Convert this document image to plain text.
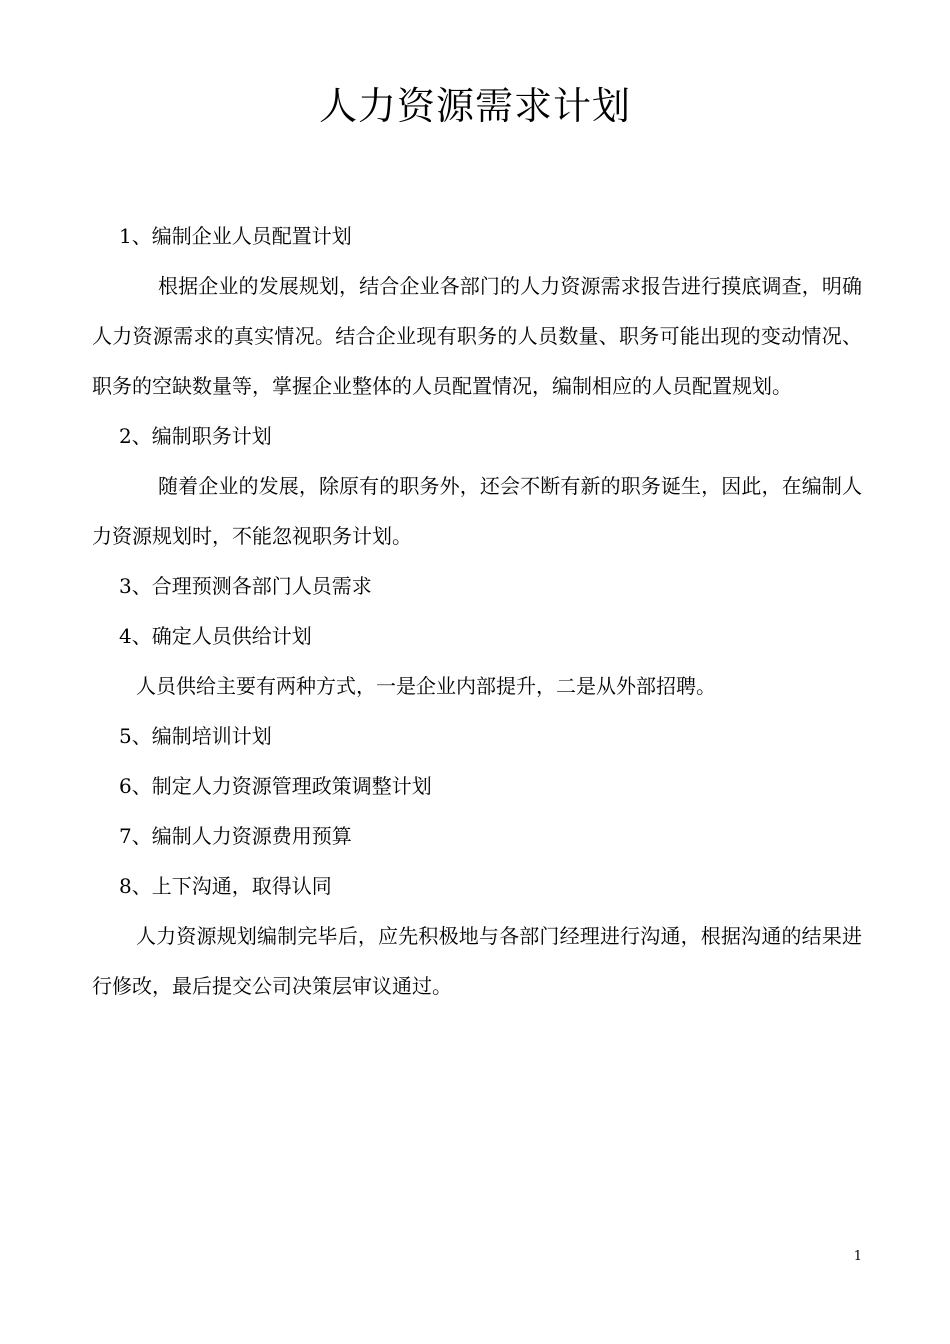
人力资源需求计划

1、编制企业人员配置计划

根据企业的发展规划，结合企业各部门的人力资源需求报告进行摸底调查，明确人力资源需求的真实情况。结合企业现有职务的人员数量、职务可能出现的变动情况、职务的空缺数量等，掌握企业整体的人员配置情况，编制相应的人员配置规划。

2、编制职务计划

随着企业的发展，除原有的职务外，还会不断有新的职务诞生，因此，在编制人力资源规划时，不能忽视职务计划。

3、合理预测各部门人员需求

4、确定人员供给计划

人员供给主要有两种方式，一是企业内部提升，二是从外部招聘。

5、编制培训计划

6、制定人力资源管理政策调整计划

7、编制人力资源费用预算

8、上下沟通，取得认同

人力资源规划编制完毕后，应先积极地与各部门经理进行沟通，根据沟通的结果进行修改，最后提交公司决策层审议通过。

1
